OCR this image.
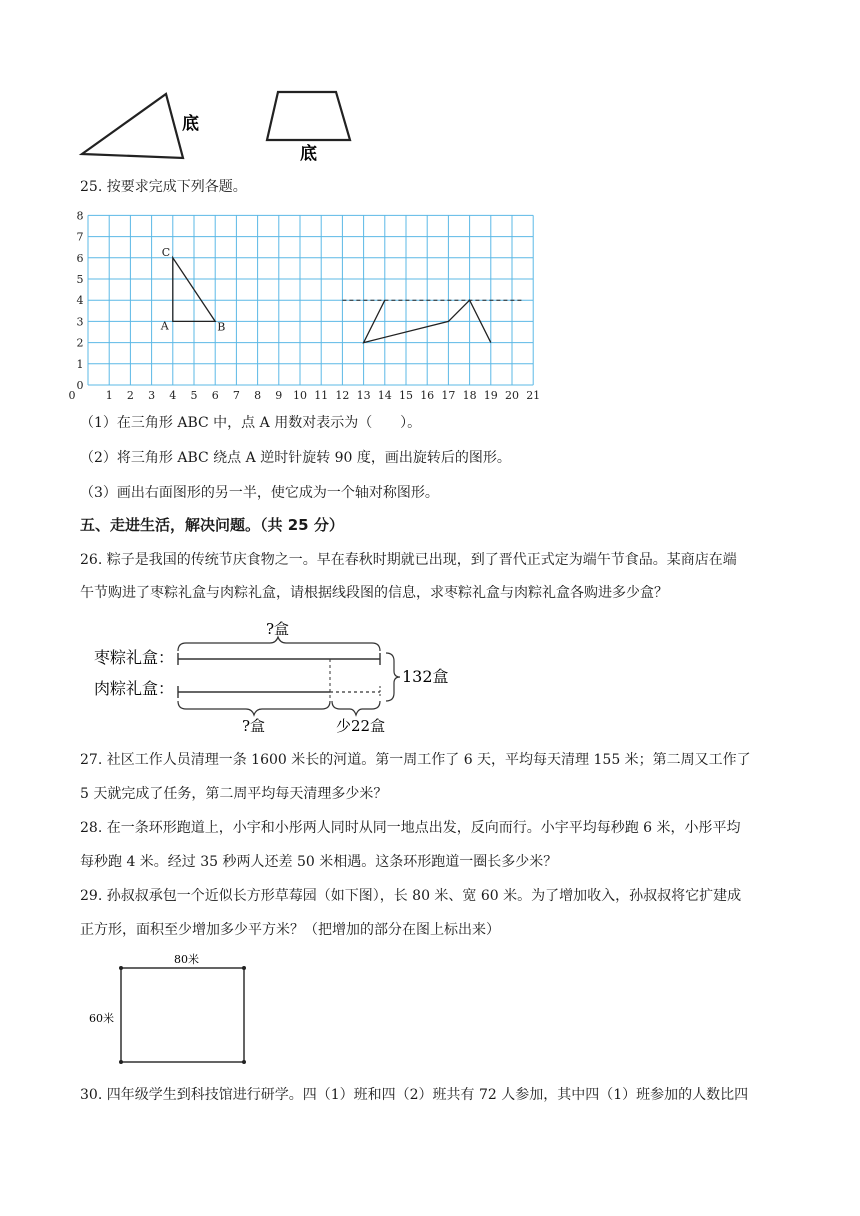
底
底
25. 按要求完成下列各题。
0	1 2 3 4 5 6 7 8 9 10 11 12 13 14 15 16 17 18 19 20 21
0
1
2
3
4
5
6
7
8
A	B
C
（1）在三角形 ABC 中，点 A 用数对表示为（　　）。
（2）将三角形 ABC 绕点 A 逆时针旋转 90 度，画出旋转后的图形。
（3）画出右面图形的另一半，使它成为一个轴对称图形。
五、走进生活，解决问题。（共 25 分）
26. 粽子是我国的传统节庆食物之一。早在春秋时期就已出现，到了晋代正式定为端午节食品。某商店在端
午节购进了枣粽礼盒与肉粽礼盒，请根据线段图的信息，求枣粽礼盒与肉粽礼盒各购进多少盒？
?盒
枣粽礼盒：
肉粽礼盒：
132盒
?盒	少22盒
27. 社区工作人员清理一条 1600 米长的河道。第一周工作了 6 天，平均每天清理 155 米；第二周又工作了
5 天就完成了任务，第二周平均每天清理多少米？
28. 在一条环形跑道上，小宇和小彤两人同时从同一地点出发，反向而行。小宇平均每秒跑 6 米，小彤平均
每秒跑 4 米。经过 35 秒两人还差 50 米相遇。这条环形跑道一圈长多少米？
29. 孙叔叔承包一个近似长方形草莓园（如下图），长 80 米、宽 60 米。为了增加收入，孙叔叔将它扩建成
正方形，面积至少增加多少平方米？（把增加的部分在图上标出来）
80米
60米
30. 四年级学生到科技馆进行研学。四（1）班和四（2）班共有 72 人参加，其中四（1）班参加的人数比四
